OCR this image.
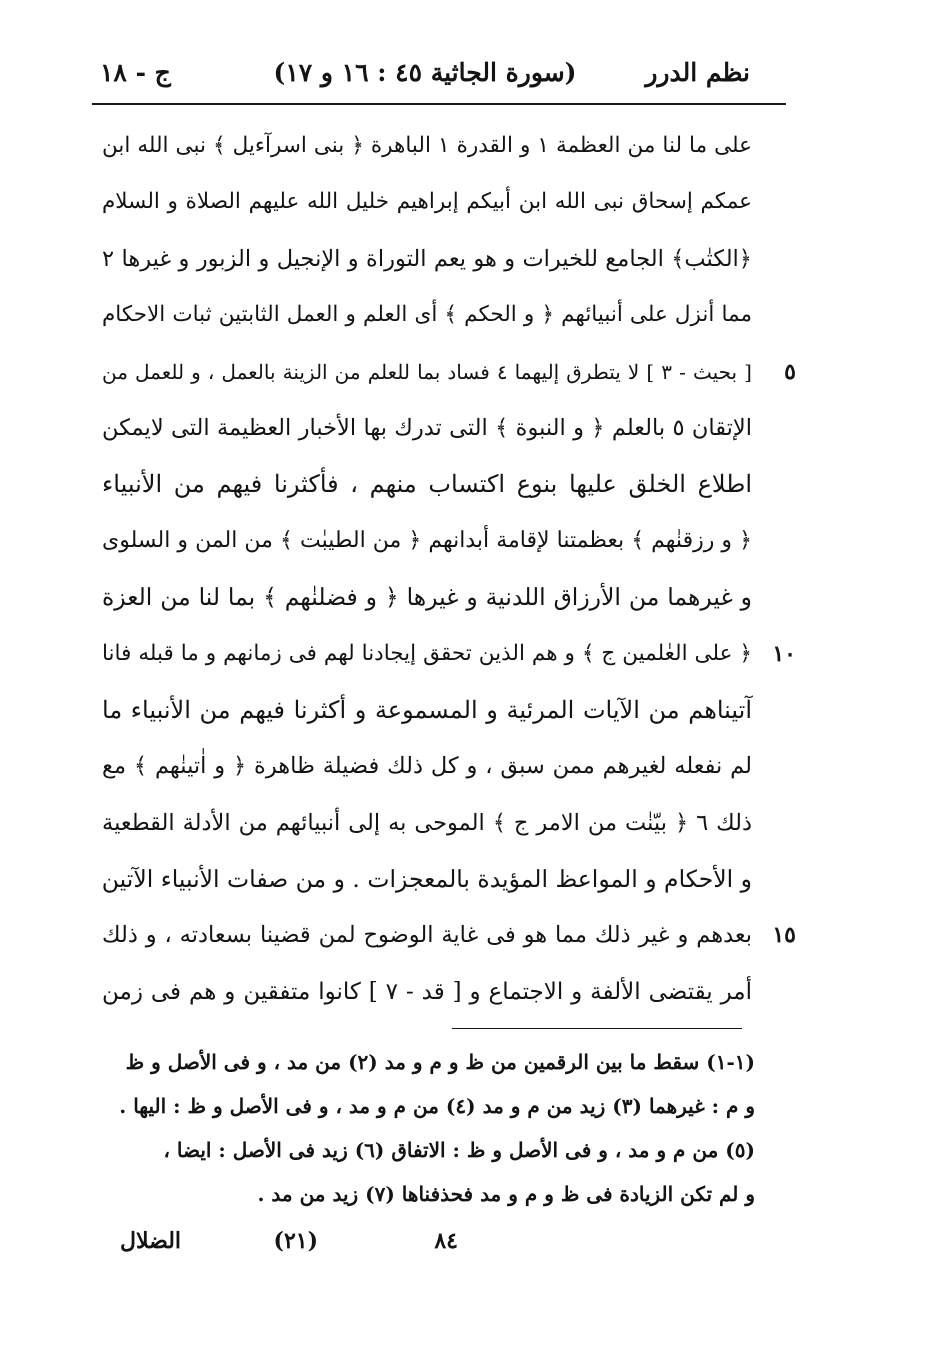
نظم الدرر
(سورة الجاثية ٤٥ : ١٦ و ١٧)
ج - ١٨
على ما لنا من العظمة ١ و القدرة ١ الباهرة ﴿ بنى اسرآءيل ﴾ نبى الله ابن
عمكم إسحاق نبى الله ابن أبيكم إبراهيم خليل الله عليهم الصلاة و السلام
﴿الكتٰب﴾ الجامع للخيرات و هو يعم التوراة و الإنجيل و الزبور و غيرها ٢
مما أنزل على أنبيائهم ﴿ و الحكم ﴾ أى العلم و العمل الثابتين ثبات الاحكام
٥
[ بحيث - ٣ ] لا يتطرق إليهما ٤ فساد بما للعلم من الزينة بالعمل ، و للعمل من
الإتقان ٥ بالعلم ﴿ و النبوة ﴾ التى تدرك بها الأخبار العظيمة التى لايمكن
اطلاع الخلق عليها بنوع اكتساب منهم ، فأكثرنا فيهم من الأنبياء
﴿ و رزقنٰهم ﴾ بعظمتنا لإقامة أبدانهم ﴿ من الطيبٰت ﴾ من المن و السلوى
و غيرهما من الأرزاق اللدنية و غيرها ﴿ و فضلنٰهم ﴾ بما لنا من العزة
١٠
﴿ على العٰلمين ج ﴾ و هم الذين تحقق إيجادنا لهم فى زمانهم و ما قبله فانا
آتيناهم من الآيات المرئية و المسموعة و أكثرنا فيهم من الأنبياء ما
لم نفعله لغيرهم ممن سبق ، و كل ذلك فضيلة ظاهرة ﴿ و اٰتينٰهم ﴾ مع
ذلك ٦ ﴿ بيّنٰت من الامر ج ﴾ الموحى به إلى أنبيائهم من الأدلة القطعية
و الأحكام و المواعظ المؤيدة بالمعجزات . و من صفات الأنبياء الآتين
١٥
بعدهم و غير ذلك مما هو فى غاية الوضوح لمن قضينا بسعادته ، و ذلك
أمر يقتضى الألفة و الاجتماع و [ قد - ٧ ] كانوا متفقين و هم فى زمن
(١-١) سقط ما بين الرقمين من ظ و م و مد (٢) من مد ، و فى الأصل و ظ
و م : غيرهما (٣) زيد من م و مد (٤) من م و مد ، و فى الأصل و ظ : اليها .
(٥) من م و مد ، و فى الأصل و ظ : الاتفاق (٦) زيد فى الأصل : ايضا ،
و لم تكن الزيادة فى ظ و م و مد فحذفناها (٧) زيد من مد .
٨٤
(٢١)
الضلال
